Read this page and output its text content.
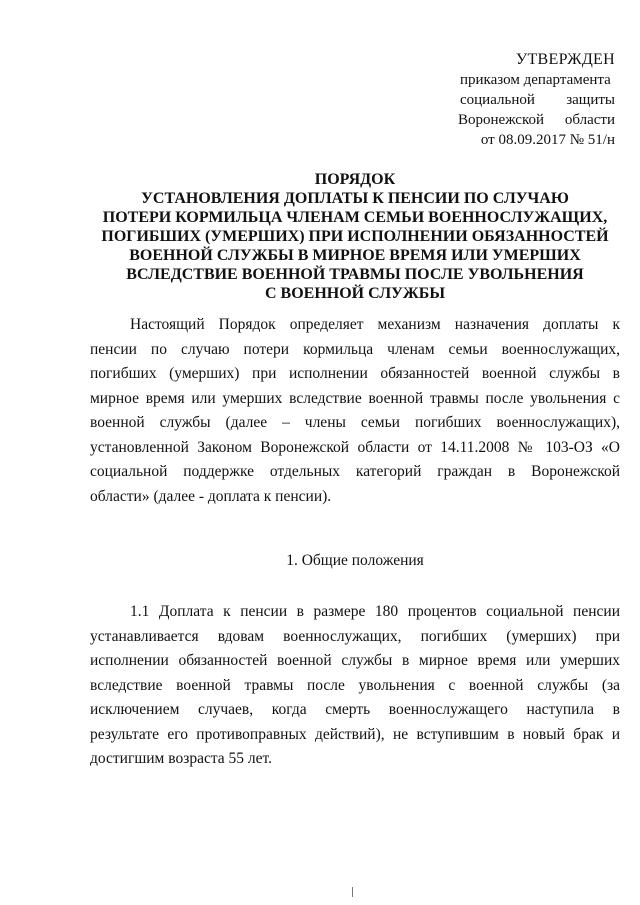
УТВЕРЖДЕН
приказом департамента
социальной защиты
Воронежской области
от 08.09.2017 № 51/н
ПОРЯДОК
УСТАНОВЛЕНИЯ ДОПЛАТЫ К ПЕНСИИ ПО СЛУЧАЮ
ПОТЕРИ КОРМИЛЬЦА ЧЛЕНАМ СЕМЬИ ВОЕННОСЛУЖАЩИХ,
ПОГИБШИХ (УМЕРШИХ) ПРИ ИСПОЛНЕНИИ ОБЯЗАННОСТЕЙ
ВОЕННОЙ СЛУЖБЫ В МИРНОЕ ВРЕМЯ ИЛИ УМЕРШИХ
ВСЛЕДСТВИЕ ВОЕННОЙ ТРАВМЫ ПОСЛЕ УВОЛЬНЕНИЯ
С ВОЕННОЙ СЛУЖБЫ
Настоящий Порядок определяет механизм назначения доплаты к
пенсии по случаю потери кормильца членам семьи военнослужащих,
погибших (умерших) при исполнении обязанностей военной службы в
мирное время или умерших вследствие военной травмы после увольнения с
военной службы (далее – члены семьи погибших военнослужащих),
установленной Законом Воронежской области от 14.11.2008 № 103-ОЗ «О
социальной поддержке отдельных категорий граждан в Воронежской
области» (далее - доплата к пенсии).
1. Общие положения
1.1 Доплата к пенсии в размере 180 процентов социальной пенсии
устанавливается вдовам военнослужащих, погибших (умерших) при
исполнении обязанностей военной службы в мирное время или умерших
вследствие военной травмы после увольнения с военной службы (за
исключением случаев, когда смерть военнослужащего наступила в
результате его противоправных действий), не вступившим в новый брак и
достигшим возраста 55 лет.
